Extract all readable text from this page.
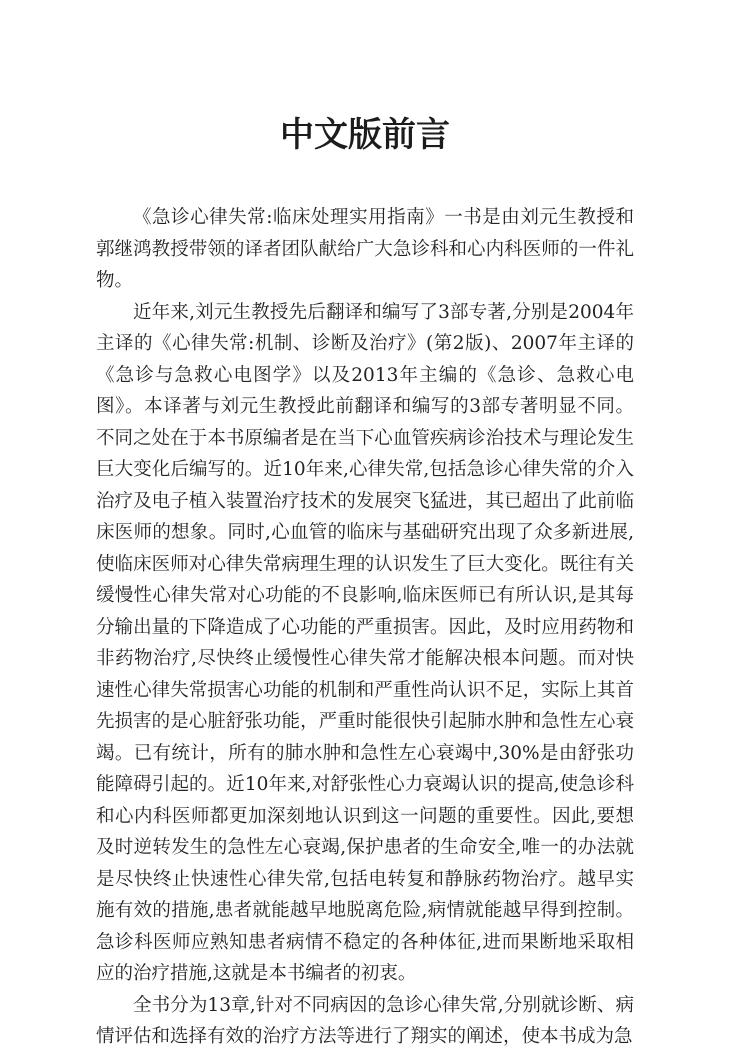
中文版前言

《急诊心律失常:临床处理实用指南》一书是由刘元生教授和郭继鸿教授带领的译者团队献给广大急诊科和心内科医师的一件礼物。

近年来,刘元生教授先后翻译和编写了3部专著,分别是2004年主译的《心律失常:机制、诊断及治疗》(第2版)、2007年主译的《急诊与急救心电图学》以及2013年主编的《急诊、急救心电图》。本译著与刘元生教授此前翻译和编写的3部专著明显不同。不同之处在于本书原编者是在当下心血管疾病诊治技术与理论发生巨大变化后编写的。近10年来,心律失常,包括急诊心律失常的介入治疗及电子植入装置治疗技术的发展突飞猛进，其已超出了此前临床医师的想象。同时,心血管的临床与基础研究出现了众多新进展,使临床医师对心律失常病理生理的认识发生了巨大变化。既往有关缓慢性心律失常对心功能的不良影响,临床医师已有所认识,是其每分输出量的下降造成了心功能的严重损害。因此，及时应用药物和非药物治疗,尽快终止缓慢性心律失常才能解决根本问题。而对快速性心律失常损害心功能的机制和严重性尚认识不足，实际上其首先损害的是心脏舒张功能，严重时能很快引起肺水肿和急性左心衰竭。已有统计，所有的肺水肿和急性左心衰竭中,30%是由舒张功能障碍引起的。近10年来,对舒张性心力衰竭认识的提高,使急诊科和心内科医师都更加深刻地认识到这一问题的重要性。因此,要想及时逆转发生的急性左心衰竭,保护患者的生命安全,唯一的办法就是尽快终止快速性心律失常,包括电转复和静脉药物治疗。越早实施有效的措施,患者就能越早地脱离危险,病情就能越早得到控制。急诊科医师应熟知患者病情不稳定的各种体征,进而果断地采取相应的治疗措施,这就是本书编者的初衷。

全书分为13章,针对不同病因的急诊心律失常,分别就诊断、病情评估和选择有效的治疗方法等进行了翔实的阐述，使本书成为急
